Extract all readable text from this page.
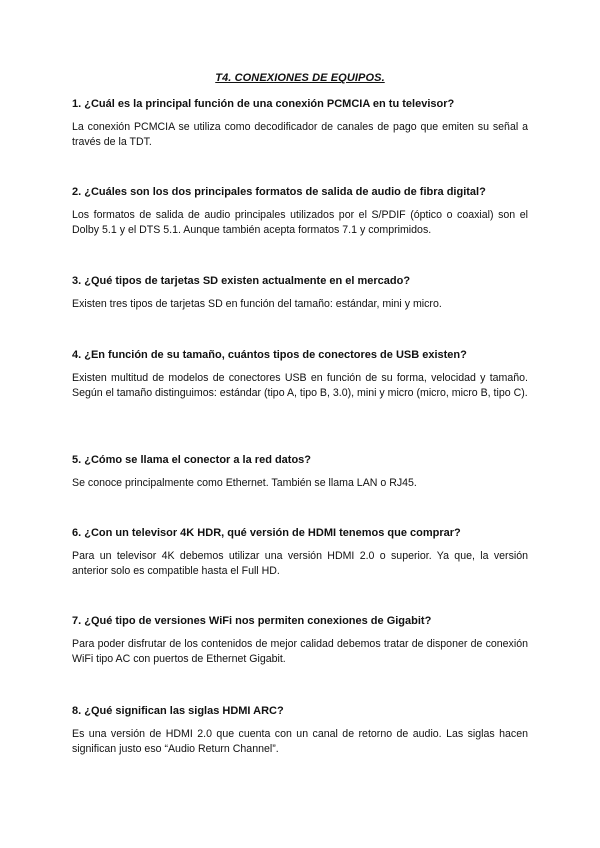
T4. CONEXIONES DE EQUIPOS.

1. ¿Cuál es la principal función de una conexión PCMCIA en tu televisor?

La conexión PCMCIA se utiliza como decodificador de canales de pago que emiten su señal a través de la TDT.

2. ¿Cuáles son los dos principales formatos de salida de audio de fibra digital?

Los formatos de salida de audio principales utilizados por el S/PDIF (óptico o coaxial) son el Dolby 5.1 y el DTS 5.1. Aunque también acepta formatos 7.1 y comprimidos.

3. ¿Qué tipos de tarjetas SD existen actualmente en el mercado?

Existen tres tipos de tarjetas SD en función del tamaño: estándar, mini y micro.

4. ¿En función de su tamaño, cuántos tipos de conectores de USB existen?

Existen multitud de modelos de conectores USB en función de su forma, velocidad y tamaño. Según el tamaño distinguimos: estándar (tipo A, tipo B, 3.0), mini y micro (micro, micro B, tipo C).

5. ¿Cómo se llama el conector a la red datos?

Se conoce principalmente como Ethernet. También se llama LAN o RJ45.

6. ¿Con un televisor 4K HDR, qué versión de HDMI tenemos que comprar?

Para un televisor 4K debemos utilizar una versión HDMI 2.0 o superior. Ya que, la versión anterior solo es compatible hasta el Full HD.

7. ¿Qué tipo de versiones WiFi nos permiten conexiones de Gigabit?

Para poder disfrutar de los contenidos de mejor calidad debemos tratar de disponer de conexión WiFi tipo AC con puertos de Ethernet Gigabit.

8. ¿Qué significan las siglas HDMI ARC?

Es una versión de HDMI 2.0 que cuenta con un canal de retorno de audio. Las siglas hacen significan justo eso “Audio Return Channel”.
